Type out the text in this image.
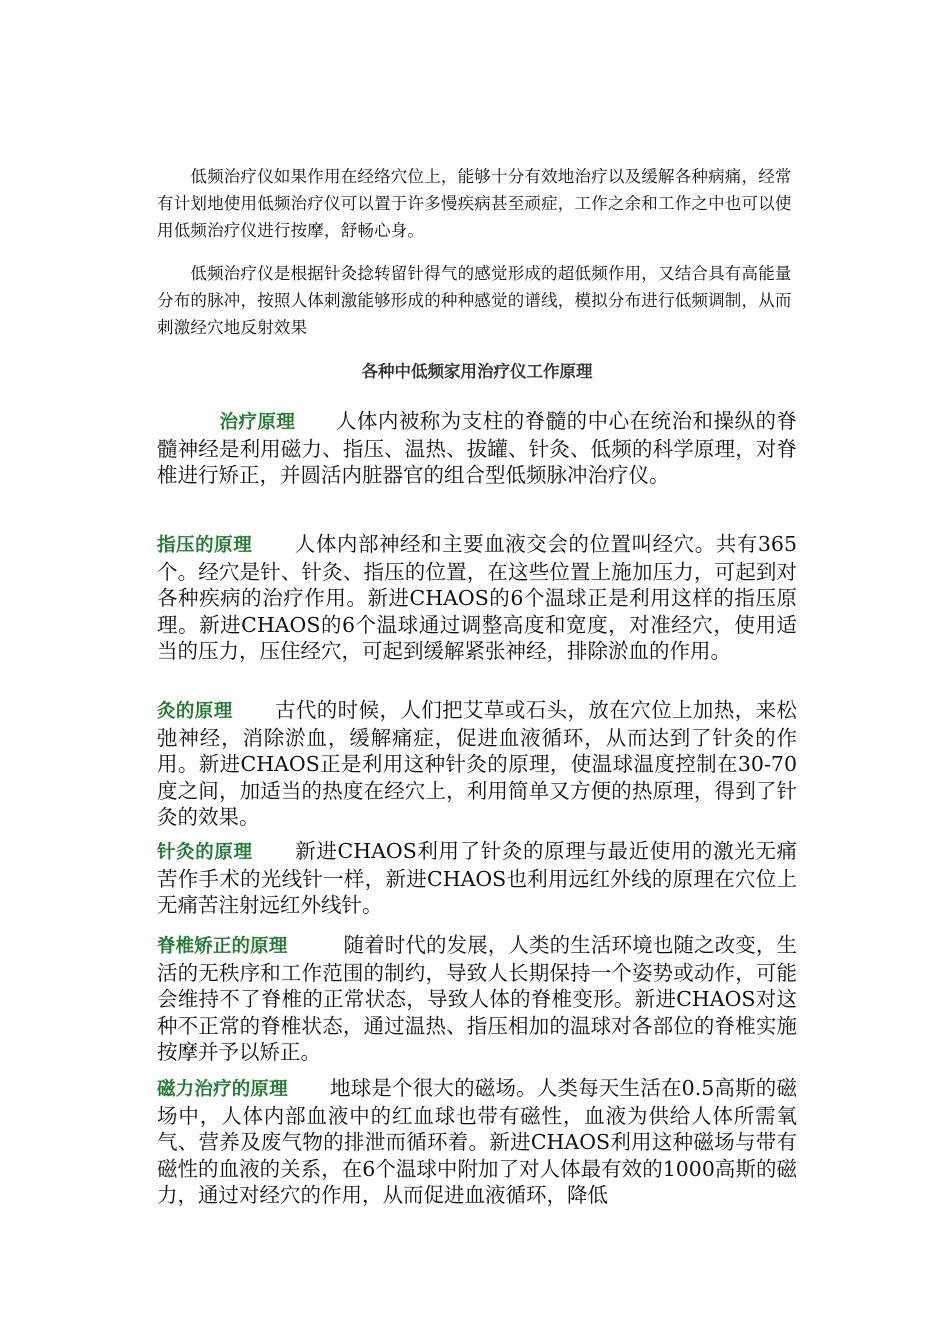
　　低频治疗仪如果作用在经络穴位上，能够十分有效地治疗以及缓解各种病痛，经常有计划地使用低频治疗仪可以置于许多慢疾病甚至顽症，工作之余和工作之中也可以使用低频治疗仪进行按摩，舒畅心身。
　　低频治疗仪是根据针灸捻转留针得气的感觉形成的超低频作用，又结合具有高能量分布的脉冲，按照人体刺激能够形成的种种感觉的谱线，模拟分布进行低频调制，从而刺激经穴地反射效果
各种中低频家用治疗仪工作原理
治疗原理 人体内被称为支柱的脊髓的中心在统治和操纵的脊髓神经是利用磁力、指压、温热、拔罐、针灸、低频的科学原理，对脊椎进行矫正，并圆活内脏器官的组合型低频脉冲治疗仪。
指压的原理 人体内部神经和主要血液交会的位置叫经穴。共有365个。经穴是针、针灸、指压的位置，在这些位置上施加压力，可起到对各种疾病的治疗作用。新进CHAOS的6个温球正是利用这样的指压原理。新进CHAOS的6个温球通过调整高度和宽度，对准经穴，使用适当的压力，压住经穴，可起到缓解紧张神经，排除淤血的作用。
灸的原理 古代的时候，人们把艾草或石头，放在穴位上加热，来松弛神经，消除淤血，缓解痛症，促进血液循环，从而达到了针灸的作用。新进CHAOS正是利用这种针灸的原理，使温球温度控制在30-70度之间，加适当的热度在经穴上，利用简单又方便的热原理，得到了针灸的效果。
针灸的原理 新进CHAOS利用了针灸的原理与最近使用的激光无痛苦作手术的光线针一样，新进CHAOS也利用远红外线的原理在穴位上无痛苦注射远红外线针。
脊椎矫正的原理	随着时代的发展，人类的生活环境也随之改变，生活的无秩序和工作范围的制约，导致人长期保持一个姿势或动作，可能会维持不了脊椎的正常状态，导致人体的脊椎变形。新进CHAOS对这种不正常的脊椎状态，通过温热、指压相加的温球对各部位的脊椎实施按摩并予以矫正。
磁力治疗的原理 地球是个很大的磁场。人类每天生活在0.5高斯的磁场中，人体内部血液中的红血球也带有磁性，血液为供给人体所需氧气、营养及废气物的排泄而循环着。新进CHAOS利用这种磁场与带有磁性的血液的关系，在6个温球中附加了对人体最有效的1000高斯的磁力，通过对经穴的作用，从而促进血液循环，降低
